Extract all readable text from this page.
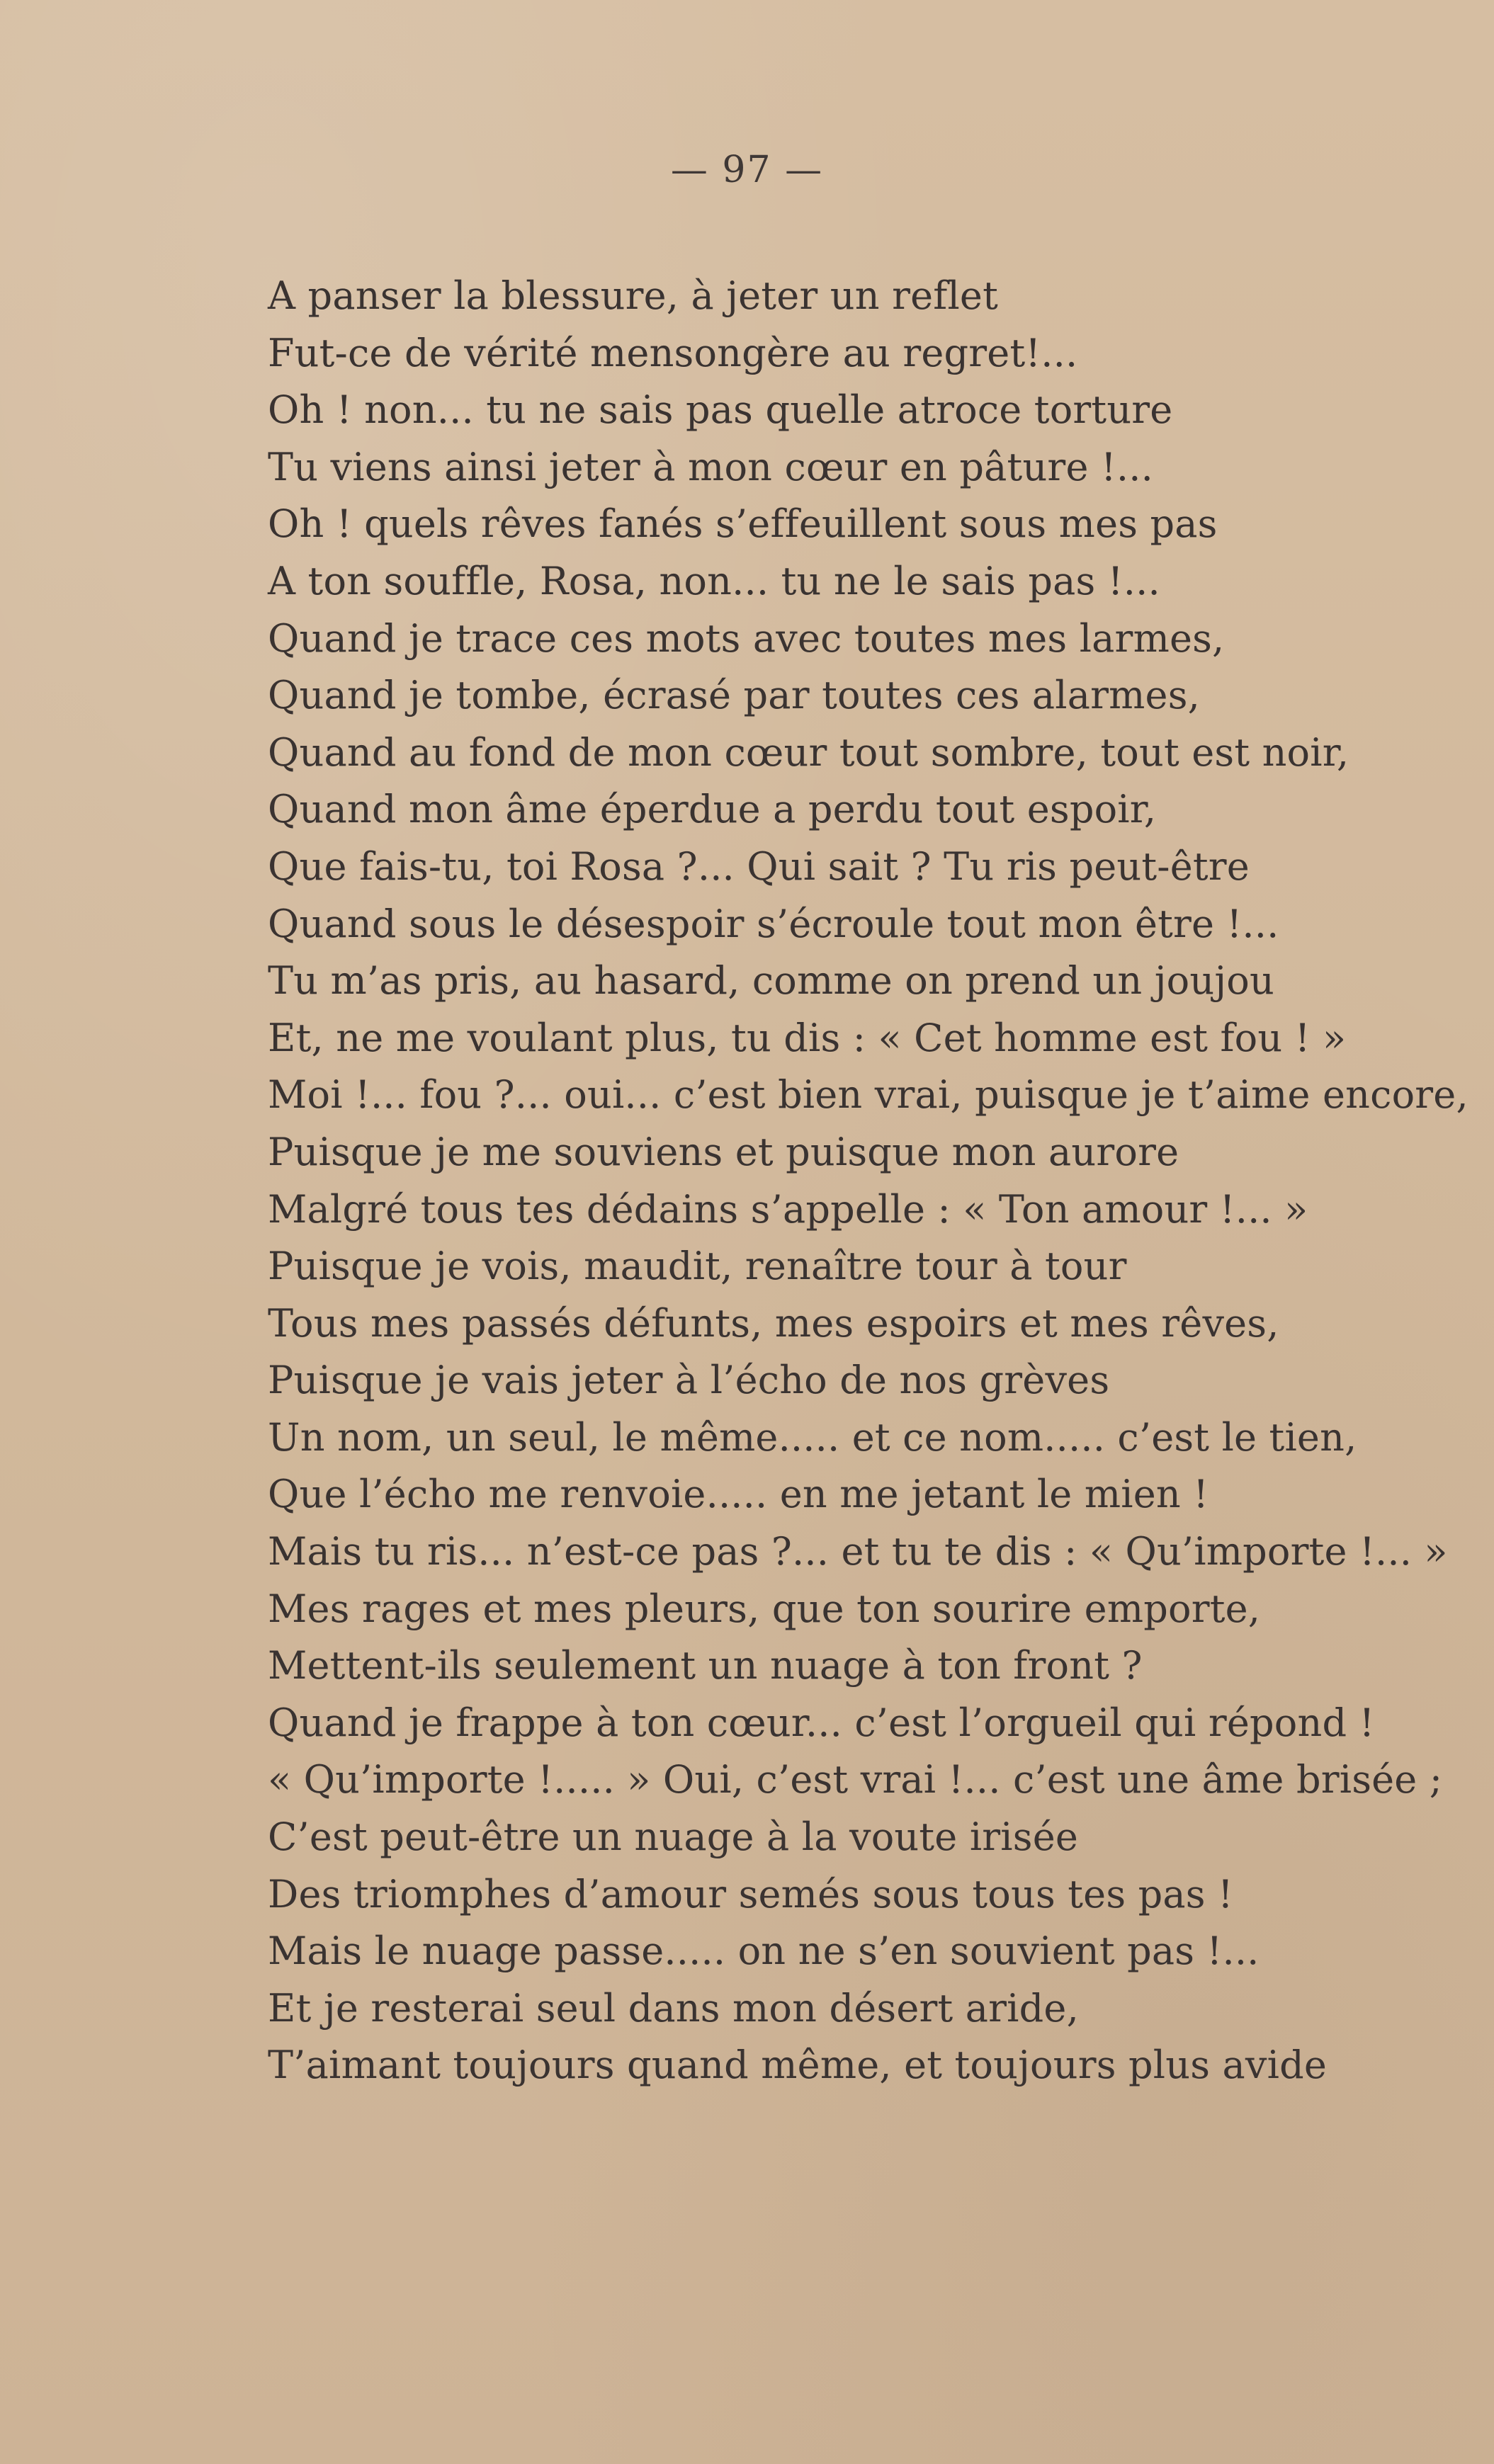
— 97 —
A panser la blessure, à jeter un reflet
Fut-ce de vérité mensongère au regret!...
Oh ! non... tu ne sais pas quelle atroce torture
Tu viens ainsi jeter à mon cœur en pâture !...
Oh ! quels rêves fanés s’effeuillent sous mes pas
A ton souffle, Rosa, non... tu ne le sais pas !...
Quand je trace ces mots avec toutes mes larmes,
Quand je tombe, écrasé par toutes ces alarmes,
Quand au fond de mon cœur tout sombre, tout est noir,
Quand mon âme éperdue a perdu tout espoir,
Que fais-tu, toi Rosa ?... Qui sait ? Tu ris peut-être
Quand sous le désespoir s’écroule tout mon être !...
Tu m’as pris, au hasard, comme on prend un joujou
Et, ne me voulant plus, tu dis : « Cet homme est fou ! »
Moi !... fou ?... oui... c’est bien vrai, puisque je t’aime encore,
Puisque je me souviens et puisque mon aurore
Malgré tous tes dédains s’appelle : « Ton amour !... »
Puisque je vois, maudit, renaître tour à tour
Tous mes passés défunts, mes espoirs et mes rêves,
Puisque je vais jeter à l’écho de nos grèves
Un nom, un seul, le même..... et ce nom..... c’est le tien,
Que l’écho me renvoie..... en me jetant le mien !
Mais tu ris... n’est-ce pas ?... et tu te dis : « Qu’importe !... »
Mes rages et mes pleurs, que ton sourire emporte,
Mettent-ils seulement un nuage à ton front ?
Quand je frappe à ton cœur... c’est l’orgueil qui répond !
« Qu’importe !..... » Oui, c’est vrai !... c’est une âme brisée ;
C’est peut-être un nuage à la voute irisée
Des triomphes d’amour semés sous tous tes pas !
Mais le nuage passe..... on ne s’en souvient pas !...
Et je resterai seul dans mon désert aride,
T’aimant toujours quand même, et toujours plus avide
